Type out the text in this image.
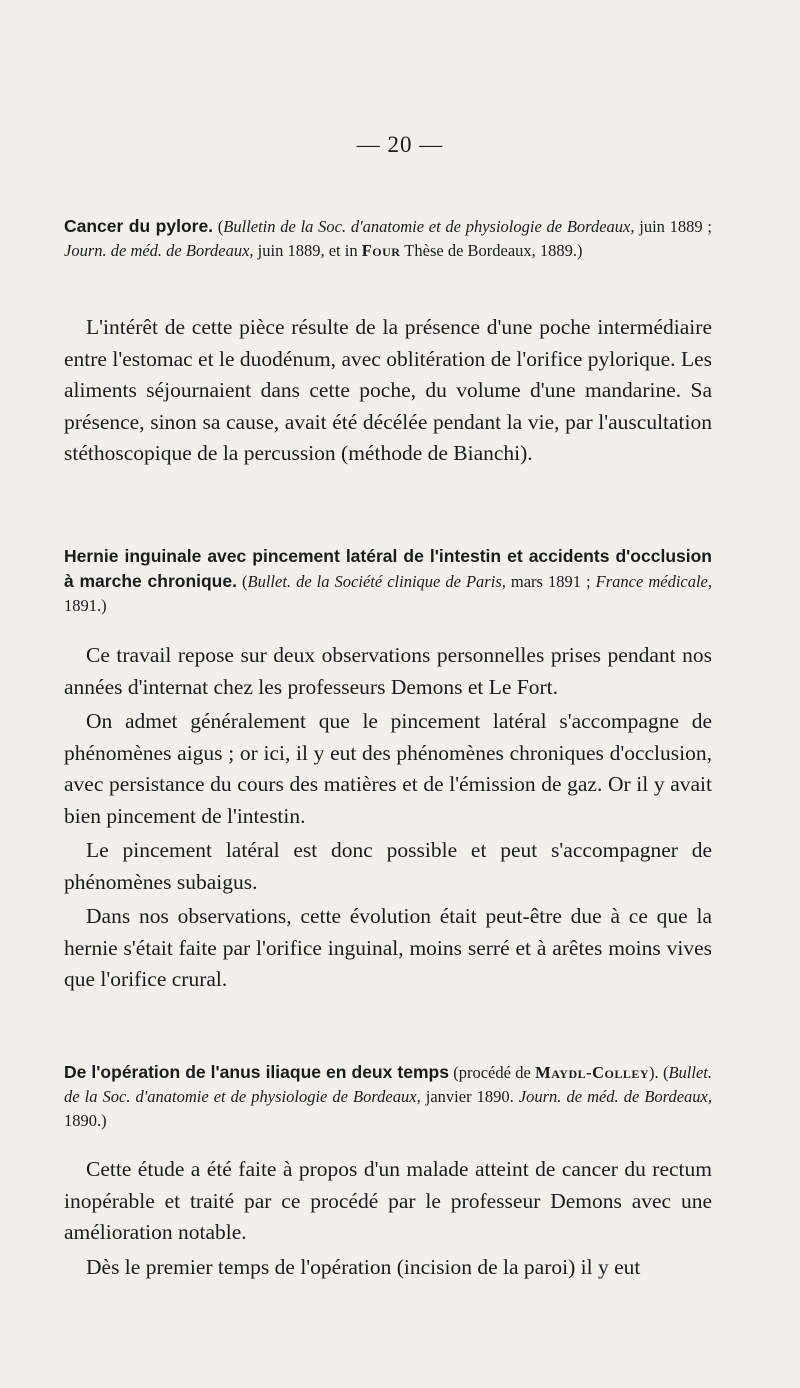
— 20 —
Cancer du pylore. (Bulletin de la Soc. d'anatomie et de physiologie de Bordeaux, juin 1889 ; Journ. de méd. de Bordeaux, juin 1889, et in Four Thèse de Bordeaux, 1889.)

L'intérêt de cette pièce résulte de la présence d'une poche intermédiaire entre l'estomac et le duodénum, avec oblitération de l'orifice pylorique. Les aliments séjournaient dans cette poche, du volume d'une mandarine. Sa présence, sinon sa cause, avait été décélée pendant la vie, par l'auscultation stéthoscopique de la percussion (méthode de Bianchi).

Hernie inguinale avec pincement latéral de l'intestin et accidents d'occlusion à marche chronique. (Bullet. de la Société clinique de Paris, mars 1891 ; France médicale, 1891.)

Ce travail repose sur deux observations personnelles prises pendant nos années d'internat chez les professeurs Demons et Le Fort.

On admet généralement que le pincement latéral s'accompagne de phénomènes aigus ; or ici, il y eut des phénomènes chroniques d'occlusion, avec persistance du cours des matières et de l'émission de gaz. Or il y avait bien pincement de l'intestin.

Le pincement latéral est donc possible et peut s'accompagner de phénomènes subaigus.

Dans nos observations, cette évolution était peut-être due à ce que la hernie s'était faite par l'orifice inguinal, moins serré et à arêtes moins vives que l'orifice crural.

De l'opération de l'anus iliaque en deux temps (procédé de Maydl-Colley). (Bullet. de la Soc. d'anatomie et de physiologie de Bordeaux, janvier 1890. Journ. de méd. de Bordeaux, 1890.)

Cette étude a été faite à propos d'un malade atteint de cancer du rectum inopérable et traité par ce procédé par le professeur Demons avec une amélioration notable.

Dès le premier temps de l'opération (incision de la paroi) il y eut
